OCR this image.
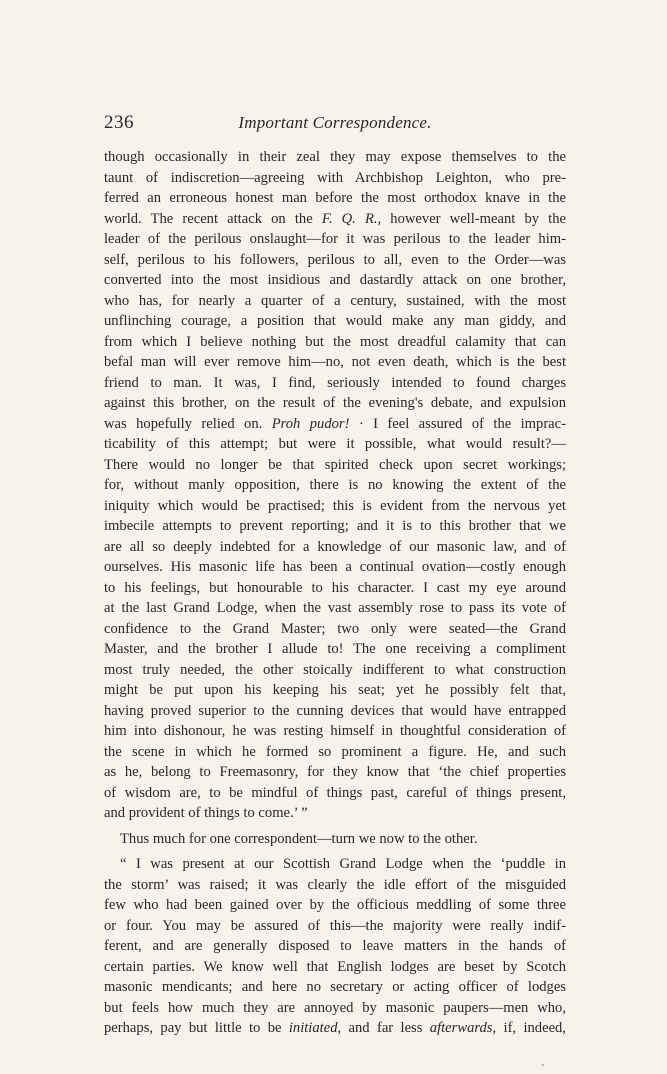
236	Important Correspondence.
though occasionally in their zeal they may expose themselves to the
taunt of indiscretion—agreeing with Archbishop Leighton, who pre-
ferred an erroneous honest man before the most orthodox knave in the
world. The recent attack on the F. Q. R., however well-meant by the
leader of the perilous onslaught—for it was perilous to the leader him-
self, perilous to his followers, perilous to all, even to the Order—was
converted into the most insidious and dastardly attack on one brother,
who has, for nearly a quarter of a century, sustained, with the most
unflinching courage, a position that would make any man giddy, and
from which I believe nothing but the most dreadful calamity that can
befal man will ever remove him—no, not even death, which is the best
friend to man. It was, I find, seriously intended to found charges
against this brother, on the result of the evening's debate, and expulsion
was hopefully relied on. Proh pudor! · I feel assured of the imprac-
ticability of this attempt; but were it possible, what would result?—
There would no longer be that spirited check upon secret workings;
for, without manly opposition, there is no knowing the extent of the
iniquity which would be practised; this is evident from the nervous yet
imbecile attempts to prevent reporting; and it is to this brother that we
are all so deeply indebted for a knowledge of our masonic law, and of
ourselves. His masonic life has been a continual ovation—costly enough
to his feelings, but honourable to his character. I cast my eye around
at the last Grand Lodge, when the vast assembly rose to pass its vote of
confidence to the Grand Master; two only were seated—the Grand
Master, and the brother I allude to! The one receiving a compliment
most truly needed, the other stoically indifferent to what construction
might be put upon his keeping his seat; yet he possibly felt that,
having proved superior to the cunning devices that would have entrapped
him into dishonour, he was resting himself in thoughtful consideration of
the scene in which he formed so prominent a figure. He, and such
as he, belong to Freemasonry, for they know that ‘the chief properties
of wisdom are, to be mindful of things past, careful of things present,
and provident of things to come.’ ”
Thus much for one correspondent—turn we now to the other.
“ I was present at our Scottish Grand Lodge when the ‘puddle in
the storm’ was raised; it was clearly the idle effort of the misguided
few who had been gained over by the officious meddling of some three
or four. You may be assured of this—the majority were really indif-
ferent, and are generally disposed to leave matters in the hands of
certain parties. We know well that English lodges are beset by Scotch
masonic mendicants; and here no secretary or acting officer of lodges
but feels how much they are annoyed by masonic paupers—men who,
perhaps, pay but little to be initiated, and far less afterwards, if, indeed,
'
